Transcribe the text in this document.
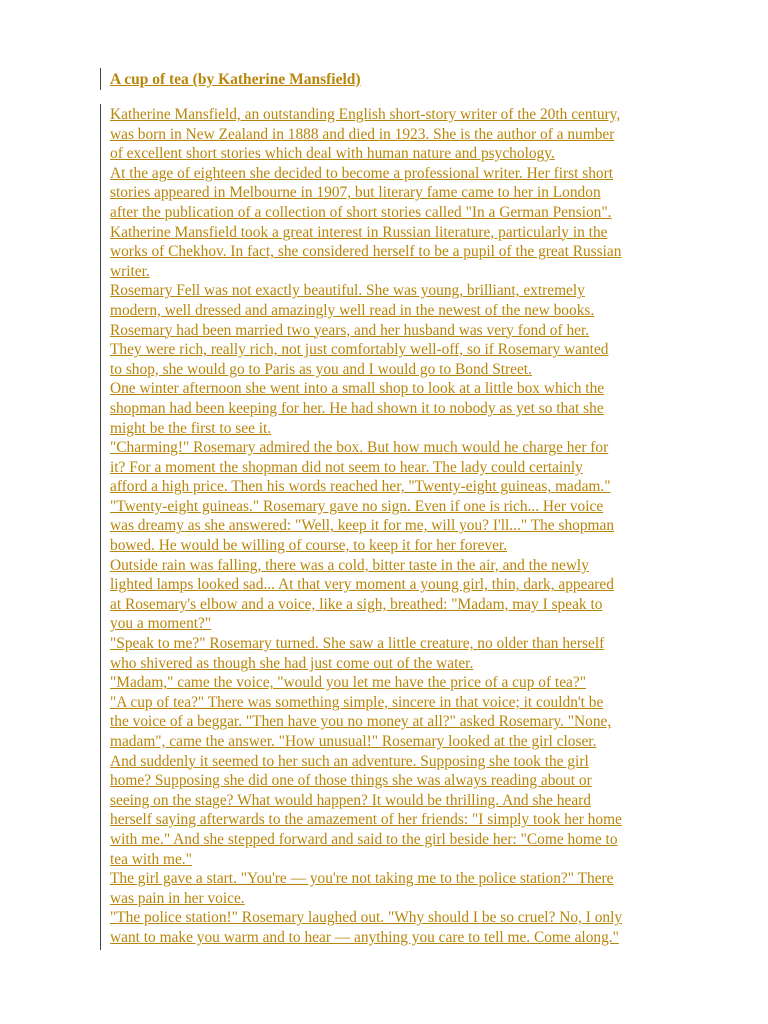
A cup of tea (by Katherine Mansfield)
Katherine Mansfield, an outstanding English short-story writer of the 20th century,
was born in New Zealand in 1888 and died in 1923. She is the author of a number
of excellent short stories which deal with human nature and psychology.
At the age of eighteen she decided to become a professional writer. Her first short
stories appeared in Melbourne in 1907, but literary fame came to her in London
after the publication of a collection of short stories called "In a German Pension".
Katherine Mansfield took a great interest in Russian literature, particularly in the
works of Chekhov. In fact, she considered herself to be a pupil of the great Russian
writer.
Rosemary Fell was not exactly beautiful. She was young, brilliant, extremely
modern, well dressed and amazingly well read in the newest of the new books.
Rosemary had been married two years, and her husband was very fond of her.
They were rich, really rich, not just comfortably well-off, so if Rosemary wanted
to shop, she would go to Paris as you and I would go to Bond Street.
One winter afternoon she went into a small shop to look at a little box which the
shopman had been keeping for her. He had shown it to nobody as yet so that she
might be the first to see it.
"Charming!" Rosemary admired the box. But how much would he charge her for
it? For a moment the shopman did not seem to hear. The lady could certainly
afford a high price. Then his words reached her, "Twenty-eight guineas, madam."
"Twenty-eight guineas." Rosemary gave no sign. Even if one is rich... Her voice
was dreamy as she answered: "Well, keep it for me, will you? I'll..." The shopman
bowed. He would be willing of course, to keep it for her forever.
Outside rain was falling, there was a cold, bitter taste in the air, and the newly
lighted lamps looked sad... At that very moment a young girl, thin, dark, appeared
at Rosemary's elbow and a voice, like a sigh, breathed: "Madam, may I speak to
you a moment?"
"Speak to me?" Rosemary turned. She saw a little creature, no older than herself
who shivered as though she had just come out of the water.
"Madam," came the voice, "would you let me have the price of a cup of tea?"
"A cup of tea?" There was something simple, sincere in that voice; it couldn't be
the voice of a beggar. "Then have you no money at all?" asked Rosemary. "None,
madam", came the answer. "How unusual!" Rosemary looked at the girl closer.
And suddenly it seemed to her such an adventure. Supposing she took the girl
home? Supposing she did one of those things she was always reading about or
seeing on the stage? What would happen? It would be thrilling. And she heard
herself saying afterwards to the amazement of her friends: "I simply took her home
with me." And she stepped forward and said to the girl beside her: "Come home to
tea with me."
The girl gave a start. "You're — you're not taking me to the police station?" There
was pain in her voice.
"The police station!" Rosemary laughed out. "Why should I be so cruel? No, I only
want to make you warm and to hear — anything you care to tell me. Come along."
